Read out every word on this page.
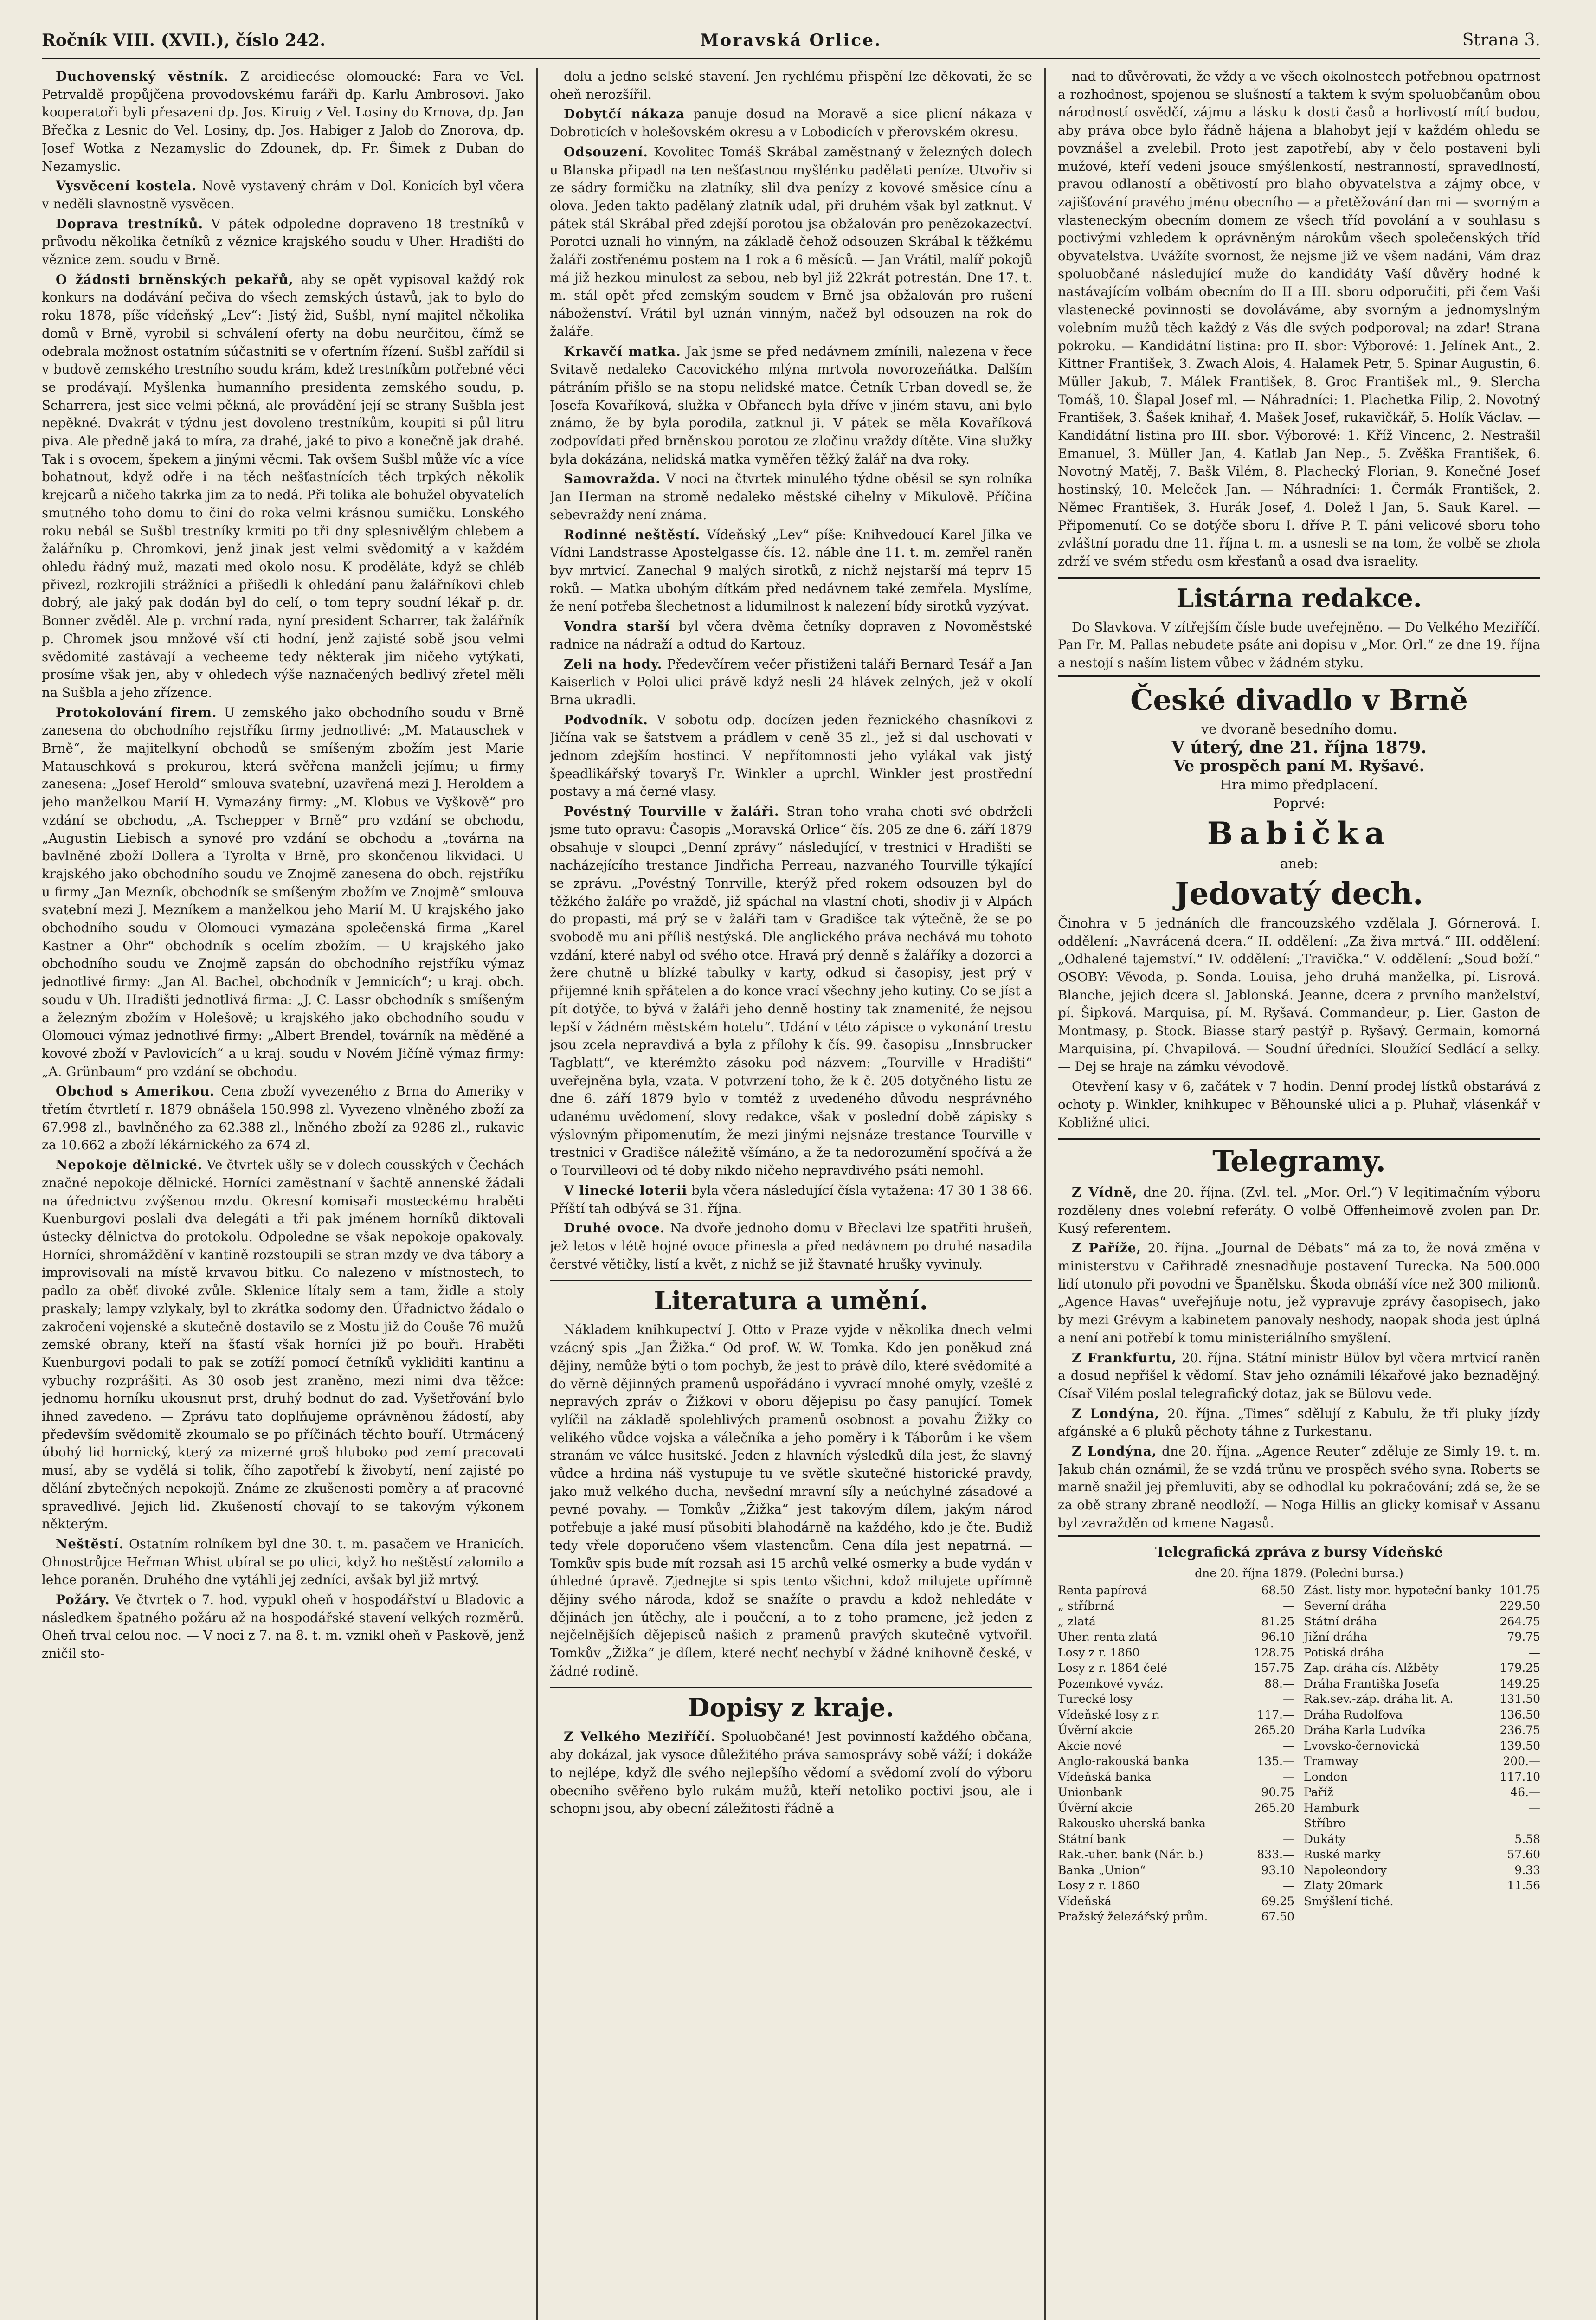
Ročník VIII. (XVII.), číslo 242.	Moravská Orlice.	Strana 3.

Duchovenský věstník. Z arcidiecése olomoucké: Fara ve Vel. Petrvaldě propůjčena provodovskému faráři dp. Karlu Ambrosovi. Jako kooperatoři byli přesazeni dp. Jos. Kiruig z Vel. Losiny do Krnova, dp. Jan Břečka z Lesnic do Vel. Losiny, dp. Jos. Habiger z Jalob do Znorova, dp. Josef Wotka z Nezamyslic do Zdounek, dp. Fr. Šimek z Duban do Nezamyslic.

Vysvěcení kostela. Nově vystavený chrám v Dol. Konicích byl včera v neděli slavnostně vysvěcen.

Doprava trestníků. V pátek odpoledne dopraveno 18 trestníků v průvodu několika četníků z věznice krajského soudu v Uher. Hradišti do věznice zem. soudu v Brně.

O žádosti brněnských pekařů, aby se opět vypisoval každý rok konkurs na dodávání pečiva do všech zemských ústavů, jak to bylo do roku 1878, píše vídeňský „Lev“: Jistý žid, Sušbl, nyní majitel několika domů v Brně, vyrobil si schválení oferty na dobu neurčitou, čímž se odebrala možnost ostatním súčastniti se v ofertním řízení. Sušbl zařídil si v budově zemského trestního soudu krám, kdež trestníkům potřebné věci se prodávají. Myšlenka humanního presidenta zemského soudu, p. Scharrera, jest sice velmi pěkná, ale provádění její se strany Sušbla jest nepěkné. Dvakrát v týdnu jest dovoleno trestníkům, koupiti si půl litru piva. Ale předně jaká to míra, za drahé, jaké to pivo a konečně jak drahé. Tak i s ovocem, špekem a jinými věcmi. Tak ovšem Sušbl může víc a více bohatnout, když odře i na těch nešťastnících těch trpkých několik krejcarů a ničeho takrka jim za to nedá. Při tolika ale bohužel obyvatelích smutného toho domu to činí do roka velmi krásnou sumičku. Lonského roku nebál se Sušbl trestníky krmiti po tři dny splesnivělým chlebem a žalářníku p. Chromkovi, jenž jinak jest velmi svědomitý a v každém ohledu řádný muž, mazati med okolo nosu. K proděláte, když se chléb přivezl, rozkrojili strážníci a přišedli k ohledání panu žalářníkovi chleb dobrý, ale jaký pak dodán byl do celí, o tom tepry soudní lékař p. dr. Bonner zvěděl. Ale p. vrchní rada, nyní president Scharrer, tak žalářník p. Chromek jsou mnžové vší cti hodní, jenž zajisté sobě jsou velmi svědomité zastávají a vecheeme tedy některak jim ničeho vytýkati, prosíme však jen, aby v ohledech výše naznačených bedlivý zřetel měli na Sušbla a jeho zřízence.

Protokolování firem. U zemského jako obchodního soudu v Brně zanesena do obchodního rejstříku firmy jednotlivé: „M. Matauschek v Brně“, že majitelkyní obchodů se smíšeným zbožím jest Marie Matauschková s prokurou, která svěřena manželi jejímu; u firmy zanesena: „Josef Herold“ smlouva svatební, uzavřená mezi J. Heroldem a jeho manželkou Marií H. Vymazány firmy: „M. Klobus ve Vyškově“ pro vzdání se obchodu, „A. Tschepper v Brně“ pro vzdání se obchodu, „Augustin Liebisch a synové pro vzdání se obchodu a „továrna na bavlněné zboží Dollera a Tyrolta v Brně, pro skončenou likvidaci. U krajského jako obchodního soudu ve Znojmě zanesena do obch. rejstříku u firmy „Jan Mezník, obchodník se smíšeným zbožím ve Znojmě“ smlouva svatební mezi J. Mezníkem a manželkou jeho Marií M. U krajského jako obchodního soudu v Olomouci vymazána společenská firma „Karel Kastner a Ohr“ obchodník s ocelím zbožím. — U krajského jako obchodního soudu ve Znojmě zapsán do obchodního rejstříku výmaz jednotlivé firmy: „Jan Al. Bachel, obchodník v Jemnicích“; u kraj. obch. soudu v Uh. Hradišti jednotlivá firma: „J. C. Lassr obchodník s smíšeným a železným zbožím v Holešově; u krajského jako obchodního soudu v Olomouci výmaz jednotlivé firmy: „Albert Brendel, továrník na měděné a kovové zboží v Pavlovicích“ a u kraj. soudu v Novém Jičíně výmaz firmy: „A. Grünbaum“ pro vzdání se obchodu.

Obchod s Amerikou. Cena zboží vyvezeného z Brna do Ameriky v třetím čtvrtletí r. 1879 obnášela 150.998 zl. Vyvezeno vlněného zboží za 67.998 zl., bavlněného za 62.388 zl., lněného zboží za 9286 zl., rukavic za 10.662 a zboží lékárnického za 674 zl.

Nepokoje dělnické. Ve čtvrtek ušly se v dolech cousských v Čechách značné nepokoje dělnické. Horníci zaměstnaní v šachtě annenské žádali na úřednictvu zvýšenou mzdu. Okresní komisaři mosteckému hraběti Kuenburgovi poslali dva delegáti a tři pak jménem horníků diktovali ústecky dělnictva do protokolu. Odpoledne se však nepokoje opakovaly. Horníci, shromáždění v kantině rozstoupili se stran mzdy ve dva tábory a improvisovali na místě krvavou bitku. Co nalezeno v místnostech, to padlo za oběť divoké zvůle. Sklenice lítaly sem a tam, židle a stoly praskaly; lampy vzlykaly, byl to zkrátka sodomy den. Úřadnictvo žádalo o zakročení vojenské a skutečně dostavilo se z Mostu již do Couše 76 mužů zemské obrany, kteří na šťastí však horníci již po bouři. Hraběti Kuenburgovi podali to pak se zotíží pomocí četníků vykliditi kantinu a vybuchy rozprášiti. As 30 osob jest zraněno, mezi nimi dva těžce: jednomu horníku ukousnut prst, druhý bodnut do zad. Vyšetřování bylo ihned zavedeno. — Zprávu tato doplňujeme oprávněnou žádostí, aby především svědomitě zkoumalo se po příčinách těchto bouří. Utrmácený úbohý lid hornický, který za mizerné groš hluboko pod zemí pracovati musí, aby se vydělá si tolik, čího zapotřebí k živobytí, není zajisté po dělání zbytečných nepokojů. Známe ze zkušenosti poměry a ať pracovné spravedlivé. Jejich lid. Zkušeností chovají to se takovým výkonem některým.

Neštěstí. Ostatním rolníkem byl dne 30. t. m. pasačem ve Hranicích. Ohnostrůjce Heřman Whist ubíral se po ulici, když ho neštěstí zalomilo a lehce poraněn. Druhého dne vytáhli jej zedníci, avšak byl již mrtvý.

Požáry. Ve čtvrtek o 7. hod. vypukl oheň v hospodářství u Bladovic a následkem špatného požáru až na hospodářské stavení velkých rozměrů. Oheň trval celou noc. — V noci z 7. na 8. t. m. vznikl oheň v Paskově, jenž zničil sto-

dolu a jedno selské stavení. Jen rychlému přispění lze děkovati, že se oheň nerozšířil.

Dobytčí nákaza panuje dosud na Moravě a sice plicní nákaza v Dobroticích v holešovském okresu a v Lobodicích v přerovském okresu.

Odsouzení. Kovolitec Tomáš Skrábal zaměstnaný v železných dolech u Blanska připadl na ten nešťastnou myšlénku padělati peníze. Utvořiv si ze sádry formičku na zlatníky, slil dva penízy z kovové směsice cínu a olova. Jeden takto padělaný zlatník udal, při druhém však byl zatknut. V pátek stál Skrábal před zdejší porotou jsa obžalován pro penězokazectví. Porotci uznali ho vinným, na základě čehož odsouzen Skrábal k těžkému žaláři zostřenému postem na 1 rok a 6 měsíců. — Jan Vrátil, malíř pokojů má již hezkou minulost za sebou, neb byl již 22krát potrestán. Dne 17. t. m. stál opět před zemským soudem v Brně jsa obžalován pro rušení náboženství. Vrátil byl uznán vinným, načež byl odsouzen na rok do žaláře.

Krkavčí matka. Jak jsme se před nedávnem zmínili, nalezena v řece Svitavě nedaleko Cacovického mlýna mrtvola novorozeňátka. Dalším pátráním přišlo se na stopu nelidské matce. Četník Urban dovedl se, že Josefa Kovaříková, služka v Obřanech byla dříve v jiném stavu, ani bylo známo, že by byla porodila, zatknul ji. V pátek se měla Kovaříková zodpovídati před brněnskou porotou ze zločinu vraždy dítěte. Vina služky byla dokázána, nelidská matka vyměřen těžký žalář na dva roky.

Samovražda. V noci na čtvrtek minulého týdne oběsil se syn rolníka Jan Herman na stromě nedaleko městské cihelny v Mikulově. Příčina sebevraždy není známa.

Rodinné neštěstí. Vídeňský „Lev“ píše: Knihvedoucí Karel Jilka ve Vídni Landstrasse Apostelgasse čís. 12. náble dne 11. t. m. zemřel raněn byv mrtvicí. Zanechal 9 malých sirotků, z nichž nejstarší má teprv 15 roků. — Matka ubohým dítkám před nedávnem také zemřela. Myslíme, že není potřeba šlechetnost a lidumilnost k nalezení bídy sirotků vyzývat.

Vondra starší byl včera dvěma četníky dopraven z Novoměstské radnice na nádraží a odtud do Kartouz.

Zeli na hody. Předevčírem večer přistiženi taláři Bernard Tesář a Jan Kaiserlich v Poloi ulici právě když nesli 24 hlávek zelných, jež v okolí Brna ukradli.

Podvodník. V sobotu odp. docízen jeden řeznického chasníkovi z Jičína vak se šatstvem a prádlem v ceně 35 zl., jež si dal uschovati v jednom zdejším hostinci. V nepřítomnosti jeho vylákal vak jistý špeadlikářský tovaryš Fr. Winkler a uprchl. Winkler jest prostřední postavy a má černé vlasy.

Povéstný Tourville v žaláři. Stran toho vraha choti své obdrželi jsme tuto opravu: Časopis „Moravská Orlice“ čís. 205 ze dne 6. září 1879 obsahuje v sloupci „Denní zprávy“ následující, v trestnici v Hradišti se nacházejícího trestance Jindřicha Perreau, nazvaného Tourville týkající se zprávu. „Povéstný Tonrville, kterýž před rokem odsouzen byl do těžkého žaláře po vraždě, již spáchal na vlastní choti, shodiv ji v Alpách do propasti, má prý se v žaláři tam v Gradišce tak výtečně, že se po svobodě mu ani příliš nestýská. Dle anglického práva nechává mu tohoto vzdání, které nabyl od svého otce. Hravá prý denně s žaláříky a dozorci a žere chutně u blízké tabulky v karty, odkud si časopisy, jest prý v přijemné knih spřátelen a do konce vrací všechny jeho kutiny. Co se jíst a pít dotýče, to bývá v žaláři jeho denně hostiny tak znamenité, že nejsou lepší v žádném městském hotelu“. Udání v této zápisce o vykonání trestu jsou zcela nepravdivá a byla z přílohy k čís. 99. časopisu „Innsbrucker Tagblatt“, ve kterémžto zásoku pod názvem: „Tourville v Hradišti“ uveřejněna byla, vzata. V potvrzení toho, že k č. 205 dotyčného listu ze dne 6. září 1879 bylo v tomtéž z uvedeného důvodu nesprávného udanému uvědomení, slovy redakce, však v poslední době zápisky s výslovným připomenutím, že mezi jinými nejsnáze trestance Tourville v trestnici v Gradišce náležitě všímáno, a že ta nedorozumění spočívá a že o Tourvilleovi od té doby nikdo ničeho nepravdivého psáti nemohl.

V linecké loterii byla včera následující čísla vytažena: 47 30 1 38 66. Příští tah odbývá se 31. října.

Druhé ovoce. Na dvoře jednoho domu v Břeclavi lze spatřiti hrušeň, jež letos v létě hojné ovoce přinesla a před nedávnem po druhé nasadila čerstvé větičky, listí a květ, z nichž se již štavnaté hrušky vyvinuly.

Literatura a umění.

Nákladem knihkupectví J. Otto v Praze vyjde v několika dnech velmi vzácný spis „Jan Žižka.“ Od prof. W. W. Tomka. Kdo jen poněkud zná dějiny, nemůže býti o tom pochyb, že jest to právě dílo, které svědomité a do věrně dějinných pramenů uspořádáno i vyvrací mnohé omyly, vzešlé z nepravých zpráv o Žižkovi v oboru dějepisu po časy panující. Tomek vylíčil na základě spolehlivých pramenů osobnost a povahu Žižky co velikého vůdce vojska a válečníka a jeho poměry i k Táborům i ke všem stranám ve válce husitské. Jeden z hlavních výsledků díla jest, že slavný vůdce a hrdina náš vystupuje tu ve světle skutečné historické pravdy, jako muž velkého ducha, nevšední mravní síly a neúchylné zásadové a pevné povahy. — Tomkův „Žižka“ jest takovým dílem, jakým národ potřebuje a jaké musí působiti blahodárně na každého, kdo je čte. Budiž tedy vřele doporučeno všem vlastencům. Cena díla jest nepatrná. — Tomkův spis bude mít rozsah asi 15 archů velké osmerky a bude vydán v úhledné úpravě. Zjednejte si spis tento všichni, kdož milujete upřímně dějiny svého národa, kdož se snažíte o pravdu a kdož nehledáte v dějinách jen útěchy, ale i poučení, a to z toho pramene, jež jeden z nejčelnějších dějepisců našich z pramenů pravých skutečně vytvořil. Tomkův „Žižka“ je dílem, které nechť nechybí v žádné knihovně české, v žádné rodině.

Dopisy z kraje.

Z Velkého Meziříčí. Spoluobčané! Jest povinností každého občana, aby dokázal, jak vysoce důležitého práva samosprávy sobě váží; i dokáže to nejlépe, když dle svého nejlepšího vědomí a svědomí zvolí do výboru obecního svěřeno bylo rukám mužů, kteří netoliko poctivi jsou, ale i schopni jsou, aby obecní záležitosti řádně a

nad to důvěrovati, že vždy a ve všech okolnostech potřebnou opatrnost a rozhodnost, spojenou se slušností a taktem k svým spoluobčanům obou národností osvědčí, zájmu a lásku k dosti časů a horlivostí mítí budou, aby práva obce bylo řádně hájena a blahobyt její v každém ohledu se povznášel a zvelebil. Proto jest zapotřebí, aby v čelo postaveni byli mužové, kteří vedeni jsouce smýšlenkostí, nestranností, spravedlností, pravou odlaností a obětivostí pro blaho obyvatelstva a zájmy obce, v zajišťování pravého jménu obecního — a přetěžování dan mi — svorným a vlasteneckým obecním domem ze všech tříd povolání a v souhlasu s poctivými vzhledem k oprávněným nárokům všech společenských tříd obyvatelstva. Uvážíte svornost, že nejsme již ve všem nadáni, Vám draz spoluobčané následující muže do kandidáty Vaší důvěry hodné k nastávajícím volbám obecním do II a III. sboru odporučiti, při čem Vaši vlastenecké povinnosti se dovoláváme, aby svorným a jednomyslným volebním mužů těch každý z Vás dle svých podporoval; na zdar! Strana pokroku. — Kandidátní listina: pro II. sbor: Výborové: 1. Jelínek Ant., 2. Kittner František, 3. Zwach Alois, 4. Halamek Petr, 5. Spinar Augustin, 6. Müller Jakub, 7. Málek František, 8. Groc František ml., 9. Slercha Tomáš, 10. Šlapal Josef ml. — Náhradníci: 1. Plachetka Filip, 2. Novotný František, 3. Šašek knihař, 4. Mašek Josef, rukavičkář, 5. Holík Václav. — Kandidátní listina pro III. sbor. Výborové: 1. Kříž Vincenc, 2. Nestrašil Emanuel, 3. Müller Jan, 4. Katlab Jan Nep., 5. Zvěška František, 6. Novotný Matěj, 7. Bašk Vilém, 8. Plachecký Florian, 9. Konečné Josef hostinský, 10. Meleček Jan. — Náhradníci: 1. Čermák František, 2. Němec František, 3. Hurák Josef, 4. Dolež l Jan, 5. Sauk Karel. — Připomenutí. Co se dotýče sboru I. dříve P. T. páni velicové sboru toho zvláštní poradu dne 11. října t. m. a usnesli se na tom, že volbě se zhola zdrží ve svém středu osm křesťanů a osad dva israelity.

Listárna redakce.

Do Slavkova. V zítřejším čísle bude uveřejněno. — Do Velkého Meziříčí. Pan Fr. M. Pallas nebudete psáte ani dopisu v „Mor. Orl.“ ze dne 19. října a nestojí s naším listem vůbec v žádném styku.

České divadlo v Brně

ve dvoraně besedního domu.

V úterý, dne 21. října 1879.

Ve prospěch paní M. Ryšavé.

Hra mimo předplacení.

Poprvé:

Babička

aneb:

Jedovatý dech.

Činohra v 5 jednáních dle francouzského vzdělala J. Górnerová. I. oddělení: „Navrácená dcera.“ II. oddělení: „Za živa mrtvá.“ III. oddělení: „Odhalené tajemství.“ IV. oddělení: „Travička.“ V. oddělení: „Soud boží.“ OSOBY: Věvoda, p. Sonda. Louisa, jeho druhá manželka, pí. Lisrová. Blanche, jejich dcera sl. Jablonská. Jeanne, dcera z prvního manželství, pí. Šipková. Marquisa, pí. M. Ryšavá. Commandeur, p. Lier. Gaston de Montmasy, p. Stock. Biasse starý pastýř p. Ryšavý. Germain, komorná Marquisina, pí. Chvapilová. — Soudní úředníci. Sloužící Sedlácí a selky. — Dej se hraje na zámku vévodově.

Otevření kasy v 6, začátek v 7 hodin. Denní prodej lístků obstarává z ochoty p. Winkler, knihkupec v Běhounské ulici a p. Pluhař, vlásenkář v Kobližné ulici.

Telegramy.

Z Vídně, dne 20. října. (Zvl. tel. „Mor. Orl.“) V legitimačním výboru rozděleny dnes volební referáty. O volbě Offenheimově zvolen pan Dr. Kusý referentem.

Z Paříže, 20. října. „Journal de Débats“ má za to, že nová změna v ministerstvu v Cařihradě znesnadňuje postavení Turecka. Na 500.000 lidí utonulo při povodni ve Španělsku. Škoda obnáší více než 300 milionů. „Agence Havas“ uveřejňuje notu, jež vypravuje zprávy časopisech, jako by mezi Grévym a kabinetem panovaly neshody, naopak shoda jest úplná a není ani potřebí k tomu ministeriálního smyšlení.

Z Frankfurtu, 20. října. Státní ministr Bülov byl včera mrtvicí raněn a dosud nepřišel k vědomí. Stav jeho oznámili lékařové jako beznadějný. Císař Vilém poslal telegrafický dotaz, jak se Bülovu vede.

Z Londýna, 20. října. „Times“ sdělují z Kabulu, že tři pluky jízdy afgánské a 6 pluků pěchoty táhne z Turkestanu.

Z Londýna, dne 20. října. „Agence Reuter“ zděluje ze Simly 19. t. m. Jakub chán oznámil, že se vzdá trůnu ve prospěch svého syna. Roberts se marně snažil jej přemluviti, aby se odhodlal ku pokračování; zdá se, že se za obě strany zbraně neodloží. — Noga Hillis an glicky komisař v Assanu byl zavražděn od kmene Nagasů.

Telegrafická zpráva z bursy Vídeňské

dne 20. října 1879. (Poledni bursa.)

Renta papírová	68.50
„ stříbrná	—
„ zlatá	81.25
Uher. renta zlatá	96.10
Losy z r. 1860	128.75
Losy z r. 1864 čelé	157.75
Pozemkové vyváz.	88.—
Turecké losy	—
Vídeňské losy z r.	117.—
Úvěrní akcie	265.20
Akcie nové	—
Anglo-rakouská banka	135.—
Vídeňská banka	—
Unionbank	90.75
Úvěrní akcie	265.20
Rakousko-uherská banka	—
Státní bank	—
Rak.-uher. bank (Nár. b.)	833.—
Banka „Union“	93.10
Losy z r. 1860	—
Vídeňská	69.25
Pražský železářský prům.	67.50
Zást. listy mor. hypoteční banky 101.75
Severní dráha	229.50
Státní dráha	264.75
Jižní dráha	79.75
Potiská dráha	—
Zap. dráha cís. Alžběty	179.25
Dráha Františka Josefa	149.25
Rak.sev.-záp. dráha lit. A.	131.50
Dráha Rudolfova	136.50
Dráha Karla Ludvíka	236.75
Lvovsko-černovická	139.50
Tramway	200.—
London	117.10
Paříž	46.—
Hamburk	—
Stříbro	—
Dukáty	5.58
Ruské marky	57.60
Napoleondory	9.33
Zlaty 20mark	11.56
Smýšlení tiché.
